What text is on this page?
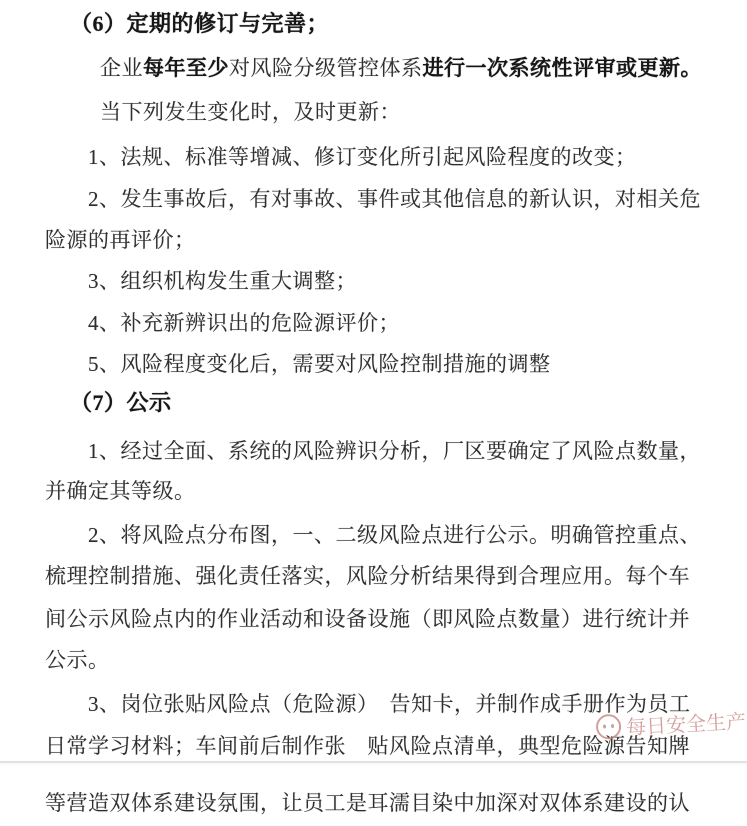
（6）定期的修订与完善；
企业每年至少对风险分级管控体系进行一次系统性评审或更新。
当下列发生变化时，及时更新：
1、法规、标准等增减、修订变化所引起风险程度的改变；
2、发生事故后，有对事故、事件或其他信息的新认识，对相关危
险源的再评价；
3、组织机构发生重大调整；
4、补充新辨识出的危险源评价；
5、风险程度变化后，需要对风险控制措施的调整
（7）公示
1、经过全面、系统的风险辨识分析，厂区要确定了风险点数量，
并确定其等级。
2、将风险点分布图，一、二级风险点进行公示。明确管控重点、
梳理控制措施、强化责任落实，风险分析结果得到合理应用。每个车
间公示风险点内的作业活动和设备设施（即风险点数量）进行统计并
公示。
3、岗位张贴风险点（危险源）　告知卡，并制作成手册作为员工
日常学习材料；车间前后制作张　贴风险点清单，典型危险源告知牌
等营造双体系建设氛围，让员工是耳濡目染中加深对双体系建设的认
每日安全生产
